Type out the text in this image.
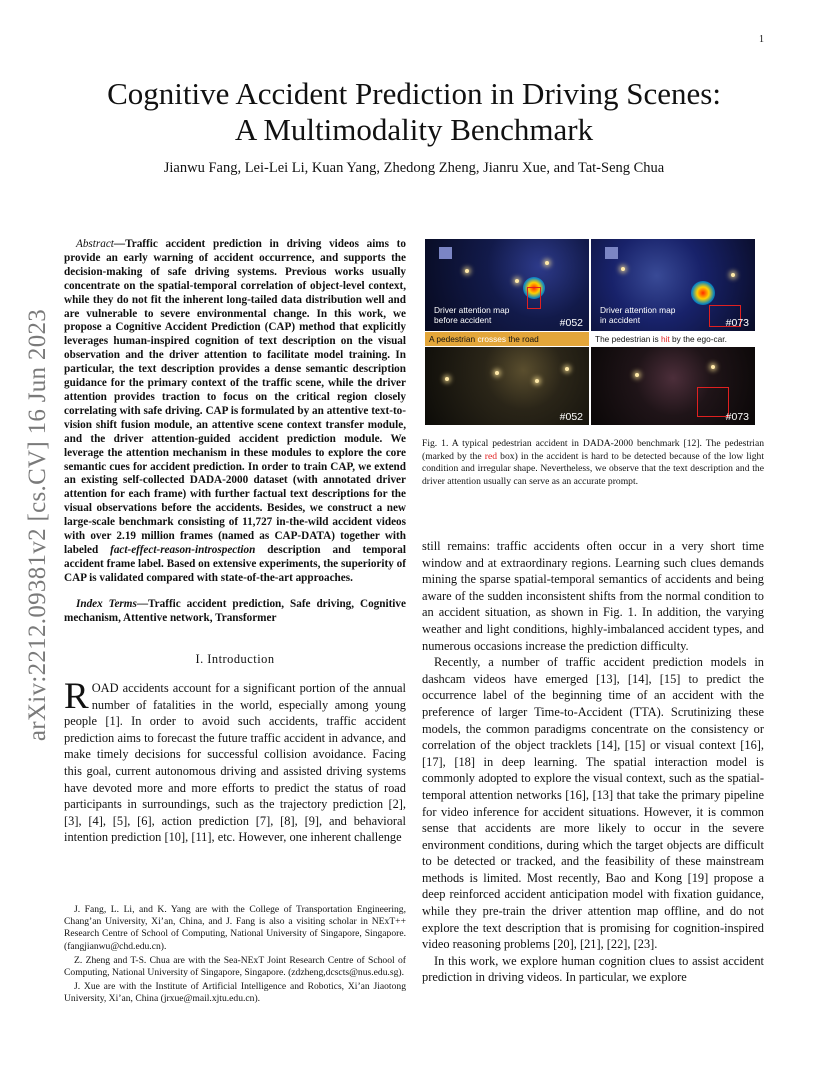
1
arXiv:2212.09381v2 [cs.CV] 16 Jun 2023
Cognitive Accident Prediction in Driving Scenes:
A Multimodality Benchmark
Jianwu Fang, Lei-Lei Li, Kuan Yang, Zhedong Zheng, Jianru Xue, and Tat-Seng Chua

Abstract—Traffic accident prediction in driving videos aims to provide an early warning of accident occurrence, and supports the decision-making of safe driving systems. Previous works usually concentrate on the spatial-temporal correlation of object-level context, while they do not fit the inherent long-tailed data distribution well and are vulnerable to severe environmental change. In this work, we propose a Cognitive Accident Prediction (CAP) method that explicitly leverages human-inspired cognition of text description on the visual observation and the driver attention to facilitate model training. In particular, the text description provides a dense semantic description guidance for the primary context of the traffic scene, while the driver attention provides traction to focus on the critical region closely correlating with safe driving. CAP is formulated by an attentive text-to-vision shift fusion module, an attentive scene context transfer module, and the driver attention-guided accident prediction module. We leverage the attention mechanism in these modules to explore the core semantic cues for accident prediction. In order to train CAP, we extend an existing self-collected DADA-2000 dataset (with annotated driver attention for each frame) with further factual text descriptions for the visual observations before the accidents. Besides, we construct a new large-scale benchmark consisting of 11,727 in-the-wild accident videos with over 2.19 million frames (named as CAP-DATA) together with labeled fact-effect-reason-introspection description and temporal accident frame label. Based on extensive experiments, the superiority of CAP is validated compared with state-of-the-art approaches.

Index Terms—Traffic accident prediction, Safe driving, Cognitive mechanism, Attentive network, Transformer

I. Introduction

ROAD accidents account for a significant portion of the annual number of fatalities in the world, especially among young people [1]. In order to avoid such accidents, traffic accident prediction aims to forecast the future traffic accident in advance, and make timely decisions for successful collision avoidance. Facing this goal, current autonomous driving and assisted driving systems have devoted more and more efforts to predict the status of road participants in surroundings, such as the trajectory prediction [2], [3], [4], [5], [6], action prediction [7], [8], [9], and behavioral intention prediction [10], [11], etc. However, one inherent challenge

J. Fang, L. Li, and K. Yang are with the College of Transportation Engineering, Chang’an University, Xi’an, China, and J. Fang is also a visiting scholar in NExT++ Research Centre of School of Computing, National University of Singapore, Singapore. (fangjianwu@chd.edu.cn).

Z. Zheng and T-S. Chua are with the Sea-NExT Joint Research Centre of School of Computing, National University of Singapore, Singapore. (zdzheng,dcscts@nus.edu.sg).

J. Xue are with the Institute of Artificial Intelligence and Robotics, Xi’an Jiaotong University, Xi’an, China (jrxue@mail.xjtu.edu.cn).

Driver attention map
before accident	#052
Driver attention map
in accident	#073
A pedestrian crosses the road	The pedestrian is hit by the ego-car.
#052	#073
Fig. 1. A typical pedestrian accident in DADA-2000 benchmark [12]. The pedestrian (marked by the red box) in the accident is hard to be detected because of the low light condition and irregular shape. Nevertheless, we observe that the text description and the driver attention usually can serve as an accurate prompt.

still remains: traffic accidents often occur in a very short time window and at extraordinary regions. Learning such clues demands mining the sparse spatial-temporal semantics of accidents and being aware of the sudden inconsistent shifts from the normal condition to an accident situation, as shown in Fig. 1. In addition, the varying weather and light conditions, highly-imbalanced accident types, and numerous occasions increase the prediction difficulty.

Recently, a number of traffic accident prediction models in dashcam videos have emerged [13], [14], [15] to predict the occurrence label of the beginning time of an accident with the preference of larger Time-to-Accident (TTA). Scrutinizing these models, the common paradigms concentrate on the consistency or correlation of the object tracklets [14], [15] or visual context [16], [17], [18] in deep learning. The spatial interaction model is commonly adopted to explore the visual context, such as the spatial-temporal attention networks [16], [13] that take the primary pipeline for video inference for accident situations. However, it is common sense that accidents are more likely to occur in the severe environment conditions, during which the target objects are difficult to be detected or tracked, and the feasibility of these mainstream methods is limited. Most recently, Bao and Kong [19] propose a deep reinforced accident anticipation model with fixation guidance, while they pre-train the driver attention map offline, and do not explore the text description that is promising for cognition-inspired video reasoning problems [20], [21], [22], [23].

In this work, we explore human cognition clues to assist accident prediction in driving videos. In particular, we explore
